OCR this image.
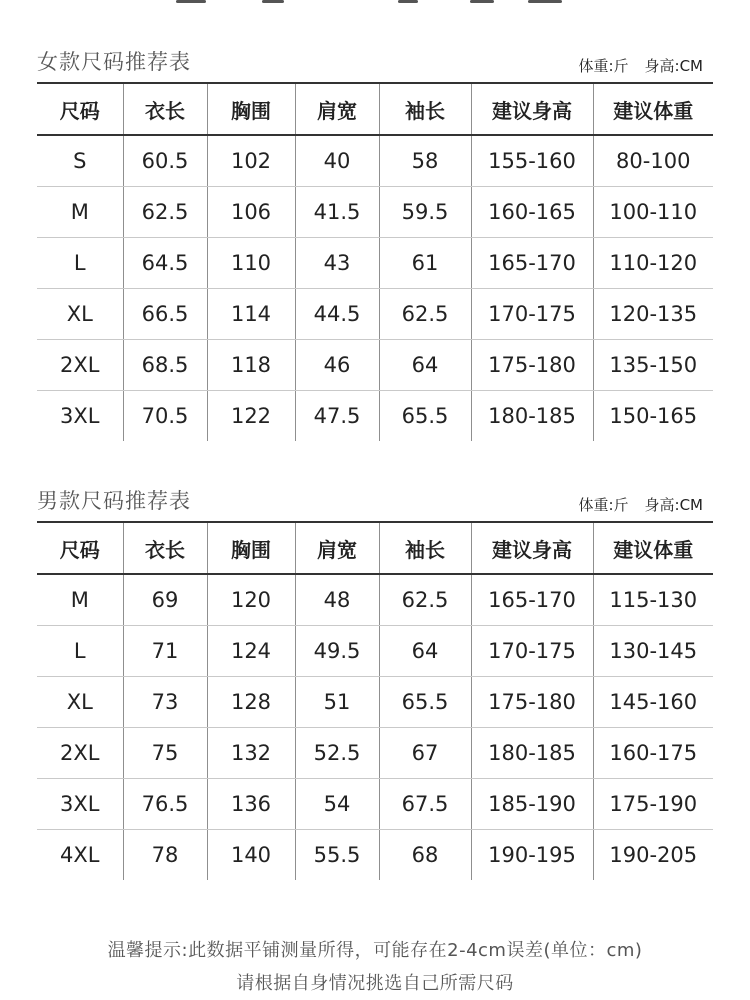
女款尺码推荐表	体重:斤 身高:CM
尺码	衣长	胸围	肩宽	袖长	建议身高	建议体重
S	60.5	102	40	58	155-160	80-100
M	62.5	106	41.5	59.5	160-165	100-110
L	64.5	110	43	61	165-170	110-120
XL	66.5	114	44.5	62.5	170-175	120-135
2XL	68.5	118	46	64	175-180	135-150
3XL	70.5	122	47.5	65.5	180-185	150-165
男款尺码推荐表	体重:斤 身高:CM
尺码	衣长	胸围	肩宽	袖长	建议身高	建议体重
M	69	120	48	62.5	165-170	115-130
L	71	124	49.5	64	170-175	130-145
XL	73	128	51	65.5	175-180	145-160
2XL	75	132	52.5	67	180-185	160-175
3XL	76.5	136	54	67.5	185-190	175-190
4XL	78	140	55.5	68	190-195	190-205
温馨提示:此数据平铺测量所得，可能存在2-4cm误差(单位：cm)
请根据自身情况挑选自己所需尺码
